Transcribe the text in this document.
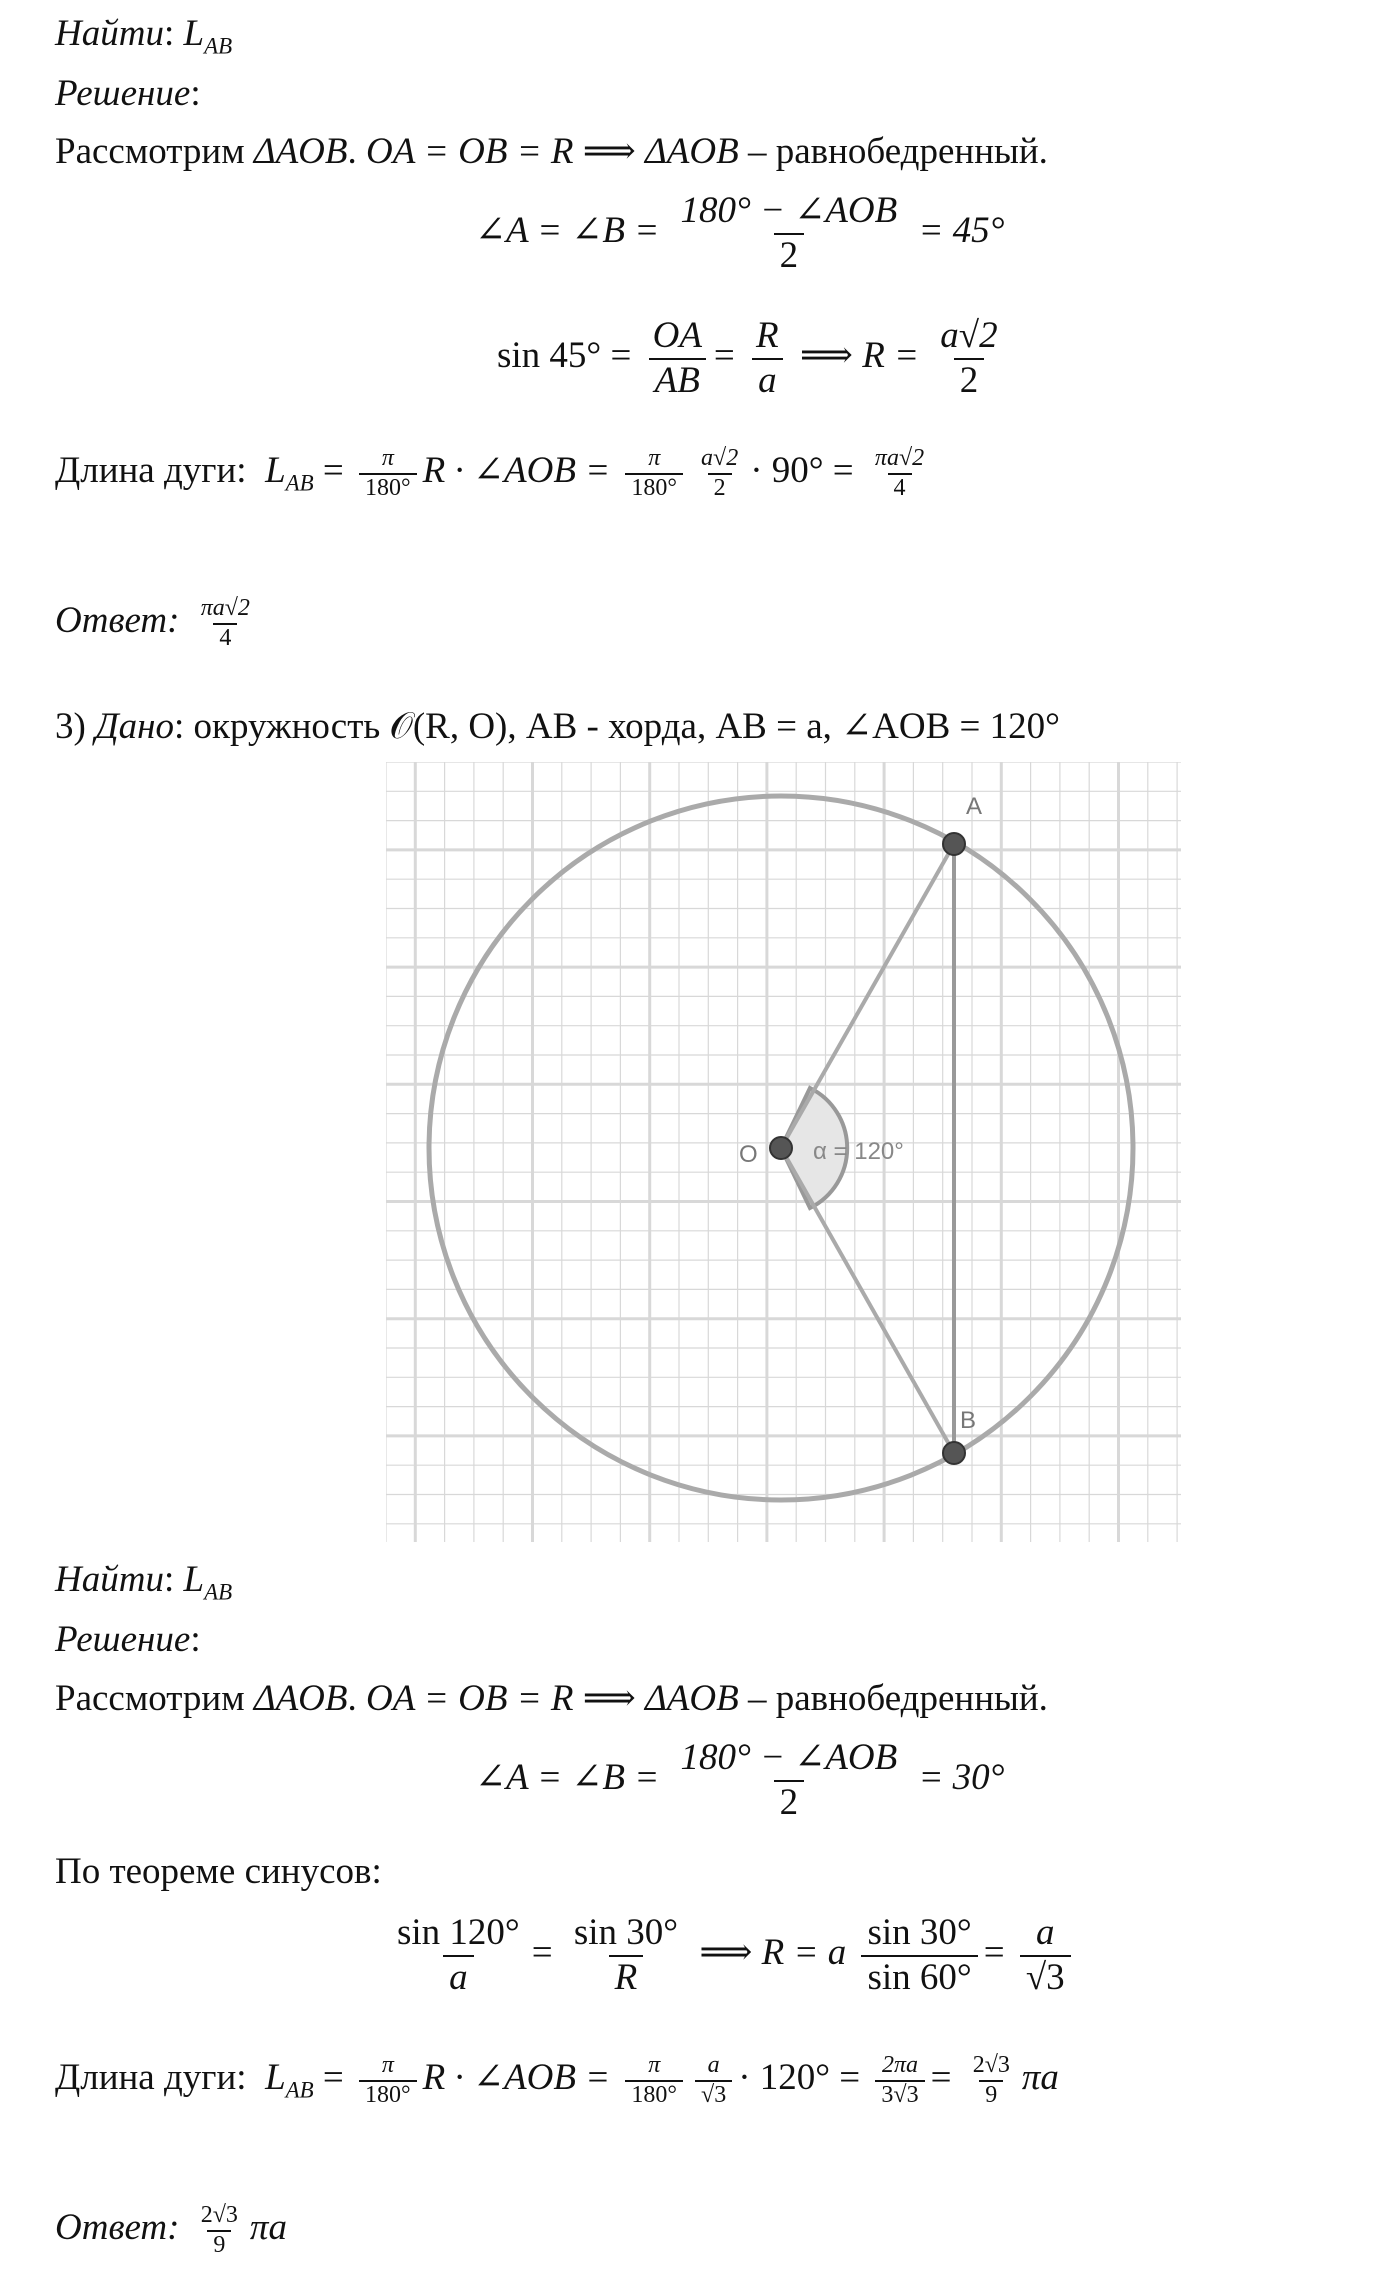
Найти: $L_{AB}$
Решение:
Рассмотрим ΔAOB. OA = OB = R ⟹ ΔAOB – равнобедренный.
∠A = ∠B = $\frac{\text{180° − ∠AOB}}{2} = 45^\circ$
$\sin 45^\circ = \frac{OA}{AB} = \frac{R}{a}$ ⟹ $R = \frac{a√2}{2}$
Длина дуги: $L_{AB} = \frac{\pi}{180^\circ}$ R · ∠AOB = $\frac{\pi}{180^\circ} \frac{a√2}{2} \cdot 90^\circ = \frac{\pi a√2}{4}$
Ответ: $\frac{\pi a√2}{4}$
3) Дано: окружность 𝒪(R, O), AB - хорда, AB = a, ∠AOB = 120°
A
B
O α = 120°
Найти: $L_{AB}$
Решение:
Рассмотрим ΔAOB. OA = OB = R ⟹ ΔAOB – равнобедренный.
∠A = ∠B = $\frac{\text{180° − ∠AOB}}{2} = 30^\circ$
По теореме синусов:
$\frac{\sin 120^\circ}{a} = \frac{\sin 30^\circ}{R}$ ⟹ R = a $\frac{\sin 30^\circ}{\sin 60^\circ} = \frac{a}{√3}$
Длина дуги: $L_{AB} = \frac{\pi}{180^\circ}$ R · ∠AOB = $\frac{\pi}{180^\circ} \frac{a}{√3} \cdot 120^\circ = \frac{2\pi a}{3√3} = \frac{2√3}{9}$ πa
Ответ: $\frac{2√3}{9}$ πa
